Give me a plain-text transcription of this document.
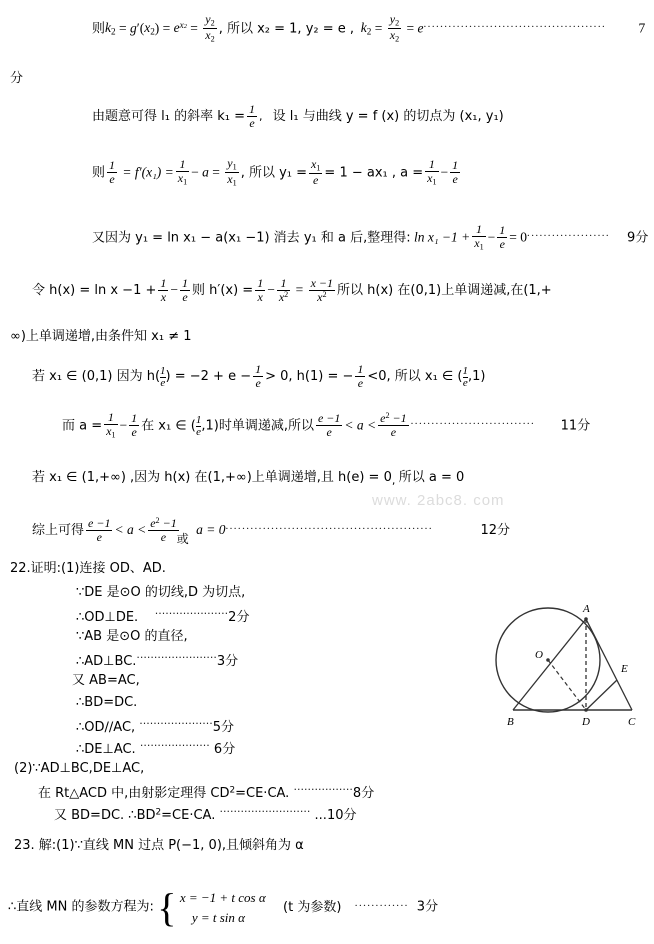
则$k2 = g'(x2) = e^{x2} = \frac{y2}{x2}$ , 所以 x₂ = 1, y₂ = e , $k2 = \frac{y2}{x2} = e$............................................ 7
分
由题意可得 l₁ 的斜率 $k_1 = \frac{1}{e}$ , 设 l₁ 与曲线 y = f (x) 的切点为 (x₁, y₁)
则 $\frac{1}{e} = f'(x_1) = \frac{1}{x1} - a = \frac{y1}{x1}$ , 所以 $y_1 = \frac{x1}{e} = 1 - ax_1$ , $a = \frac{1}{x1} - \frac{1}{e}$
又因为 y₁ = ln x₁ − a(x₁ −1) 消去 y₁ 和 a 后,整理得: $\ln x_1 -1 + \frac{1}{x1} - \frac{1}{e} = 0$.................... 9分
令 $h(x) = \ln x -1 + \frac{1}{x} - \frac{1}{e}$ 则 $h'(x) = \frac{1}{x} - \frac{1}{x^2} = \frac{x -1}{x^2}$ 所以 h(x) 在(0,1)上单调递减,在(1,+
∞)上单调递增,由条件知 x₁ ≠ 1
若 x₁ ∈ (0,1) 因为 $h( \frac{1}{e}$ ) = $-2 + e - \frac{1}{e} > 0$, h(1) = − $\frac{1}{e} <0$, 所以 x₁ ∈ ( $\frac{1}{e} ,1$)
而 $a = \frac{1}{x1} - \frac{1}{e}$ 在 x₁ ∈ ( $\frac{1}{e} ,1$)时单调递减,所以 $\frac{e -1}{e} < a < \frac{e^2 -1}{e}$ .............................. 11分
若 x₁ ∈ (1,+∞) ,因为 h(x) 在(1,+∞)上单调递增,且 $h(e) = 0_,$ 所以 a = 0
www. 2abc8. com
综上可得 $\frac{e -1}{e} < a < \frac{e^2 -1}{e}$
或 a = 0..................................................	12分
22.证明:(1)连接 OD、AD.
∵DE 是⊙O 的切线,D 为切点,
∴OD⊥DE. ·····················2分
∵AB 是⊙O 的直径,
∴AD⊥BC.·······················3分
又 AB=AC,
∴BD=DC.
∴OD∕∕AC, ·····················5分
∴DE⊥AC. ···················· 6分
(2)∵AD⊥BC,DE⊥AC,
在 Rt△ACD 中,由射影定理得 $CD^2=CE\cdot CA$. ·················8分
又 BD=DC. $\therefore BD^2=CE\cdot CA$. ·························· ...10分
A
B	C
D
E
O
23. 解:(1)∵直线 MN 过点 P(−1, 0),且倾斜角为 α
∴直线 MN 的参数方程为: { x = −1 + t cos α
y = t sin α
(t 为参数) ............. 3分
